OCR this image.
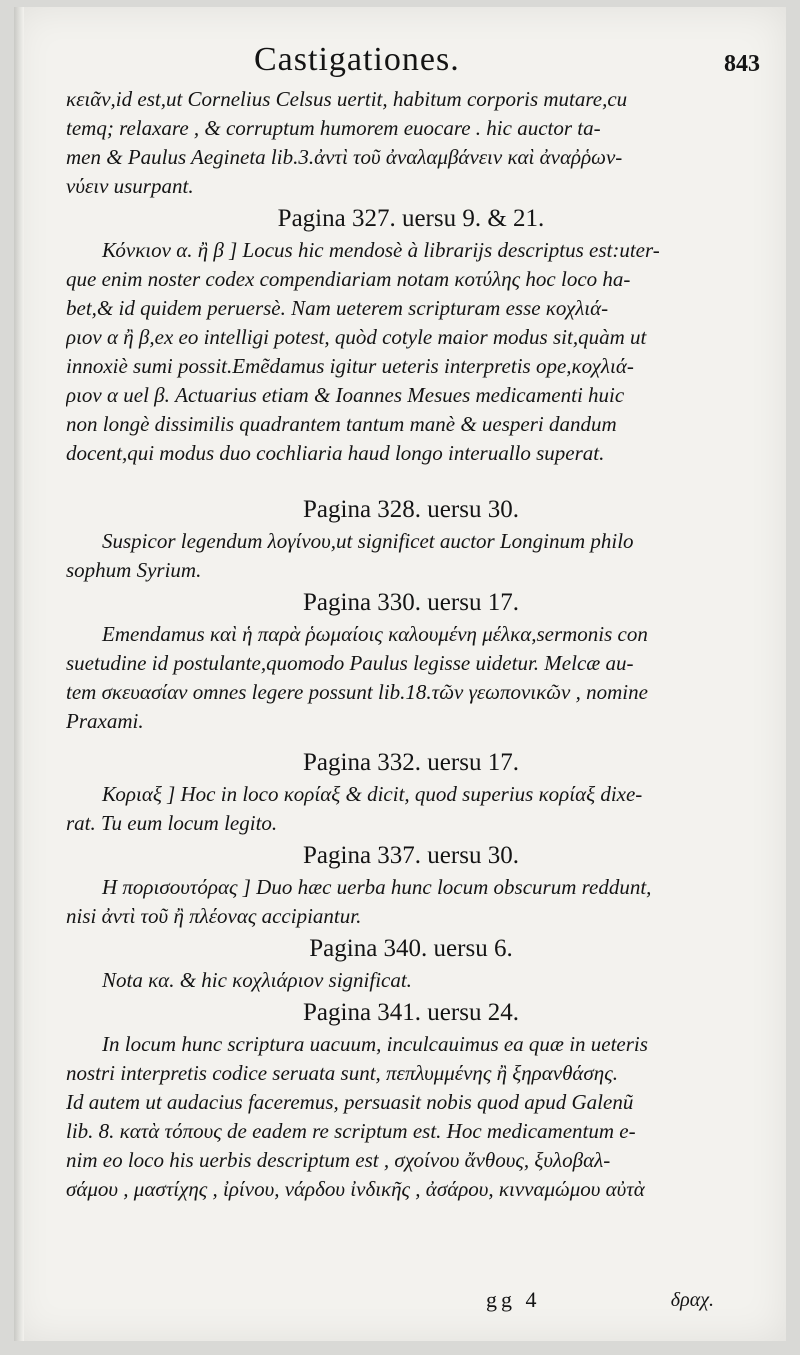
Castigationes.	843
κειᾶν,id est,ut Cornelius Celsus uertit, habitum corporis mutare,cu
temq; relaxare , & corruptum humorem euocare . hic auctor ta-
men & Paulus Aegineta lib.3.ἀντὶ τοῦ ἀναλαμβάνειν καὶ ἀναῤῥων-
νύειν usurpant.
Pagina 327. uersu 9. & 21.
Κόνκιον α. ἢ β ] Locus hic mendosè à librarijs descriptus est:uter-
que enim noster codex compendiariam notam κοτύλης hoc loco ha-
bet,& id quidem peruersè. Nam ueterem scripturam esse κοχλιά-
ριον α ἢ β,ex eo intelligi potest, quòd cotyle maior modus sit,quàm ut
innoxiè sumi possit.Emẽdamus igitur ueteris interpretis ope,κοχλιά-
ριον α uel β. Actuarius etiam & Ioannes Mesues medicamenti huic
non longè dissimilis quadrantem tantum manè & uesperi dandum
docent,qui modus duo cochliaria haud longo interuallo superat.
Pagina 328. uersu 30.
Suspicor legendum λογίνου,ut significet auctor Longinum philo
sophum Syrium.
Pagina 330. uersu 17.
Emendamus καὶ ἡ παρὰ ῥωμαίοις καλουμένη μέλκα,sermonis con
suetudine id postulante,quomodo Paulus legisse uidetur. Melcæ au-
tem σκευασίαν omnes legere possunt lib.18.τῶν γεωπονικῶν , nomine
Praxami.
Pagina 332. uersu 17.
Κοριαξ ] Hoc in loco κορίαξ & dicit, quod superius κορίαξ dixe-
rat. Tu eum locum legito.
Pagina 337. uersu 30.
Η πορισουτόρας ] Duo hæc uerba hunc locum obscurum reddunt,
nisi ἀντὶ τοῦ ἢ πλέονας accipiantur.
Pagina 340. uersu 6.
Nota κα. & hic κοχλιάριον significat.
Pagina 341. uersu 24.
In locum hunc scriptura uacuum, inculcauimus ea quæ in ueteris
nostri interpretis codice seruata sunt, πεπλυμμένης ἢ ξηρανθάσης.
Id autem ut audacius faceremus, persuasit nobis quod apud Galenũ
lib. 8. κατὰ τόπους de eadem re scriptum est. Hoc medicamentum e-
nim eo loco his uerbis descriptum est , σχοίνου ἄνθους, ξυλοβαλ-
σάμου , μαστίχης , ἰρίνου, νάρδου ἰνδικῆς , ἀσάρου, κινναμώμου αὐτὰ
gg 4	δραχ.
